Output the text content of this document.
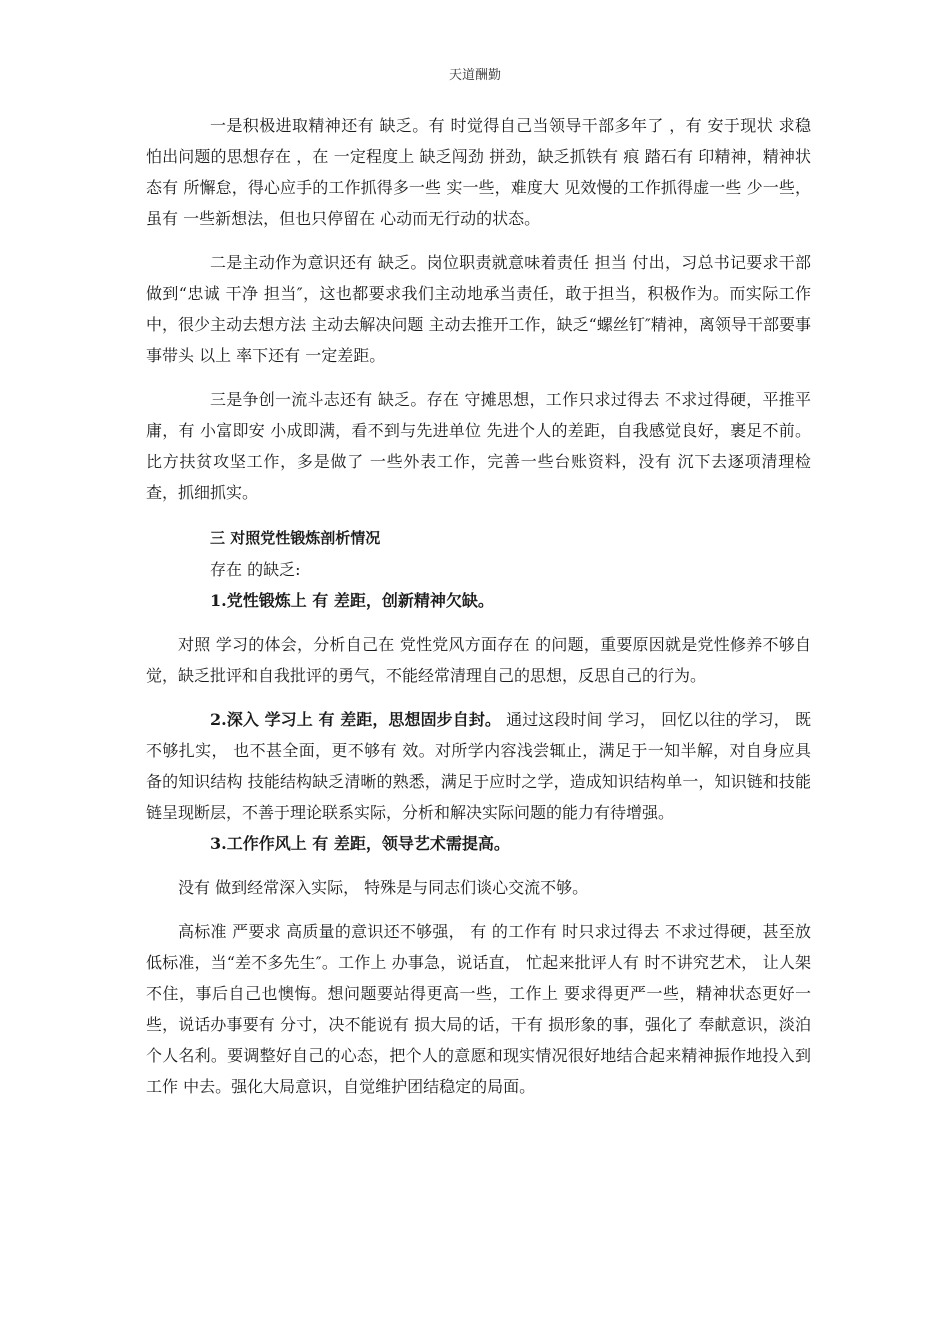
天道酬勤

一是积极进取精神还有 缺乏。有 时觉得自己当领导干部多年了 ，有 安于现状 求稳 怕出问题的思想存在 ，在 一定程度上 缺乏闯劲 拼劲，缺乏抓铁有 痕 踏石有 印精神，精神状态有 所懈怠，得心应手的工作抓得多一些 实一些，难度大 见效慢的工作抓得虚一些 少一些，虽有 一些新想法，但也只停留在 心动而无行动的状态。

二是主动作为意识还有 缺乏。岗位职责就意味着责任 担当 付出，习总书记要求干部做到“忠诚 干净 担当″，这也都要求我们主动地承当责任，敢于担当，积极作为。而实际工作 中，很少主动去想方法 主动去解决问题 主动去推开工作，缺乏“螺丝钉″精神，离领导干部要事事带头 以上 率下还有 一定差距。

三是争创一流斗志还有 缺乏。存在 守摊思想，工作只求过得去 不求过得硬，平推平庸，有 小富即安 小成即满，看不到与先进单位 先进个人的差距，自我感觉良好，裹足不前。比方扶贫攻坚工作，多是做了 一些外表工作，完善一些台账资料，没有 沉下去逐项清理检查，抓细抓实。

三 对照党性锻炼剖析情况

存在 的缺乏:

1.党性锻炼上 有 差距，创新精神欠缺。

对照 学习的体会，分析自己在 党性党风方面存在 的问题，重要原因就是党性修养不够自觉，缺乏批评和自我批评的勇气，不能经常清理自己的思想，反思自己的行为。

2.深入 学习上 有 差距，思想固步自封。 通过这段时间 学习， 回忆以往的学习， 既不够扎实， 也不甚全面，更不够有 效。对所学内容浅尝辄止，满足于一知半解，对自身应具备的知识结构 技能结构缺乏清晰的熟悉，满足于应时之学，造成知识结构单一，知识链和技能链呈现断层，不善于理论联系实际，分析和解决实际问题的能力有待增强。

3.工作作风上 有 差距，领导艺术需提高。

没有 做到经常深入实际， 特殊是与同志们谈心交流不够。

高标准 严要求 高质量的意识还不够强， 有 的工作有 时只求过得去 不求过得硬，甚至放低标准，当“差不多先生″。工作上 办事急，说话直， 忙起来批评人有 时不讲究艺术， 让人架不住，事后自己也懊悔。想问题要站得更高一些，工作上 要求得更严一些，精神状态更好一些，说话办事要有 分寸，决不能说有 损大局的话，干有 损形象的事，强化了 奉献意识，淡泊个人名利。要调整好自己的心态，把个人的意愿和现实情况很好地结合起来精神振作地投入到工作 中去。强化大局意识，自觉维护团结稳定的局面。
